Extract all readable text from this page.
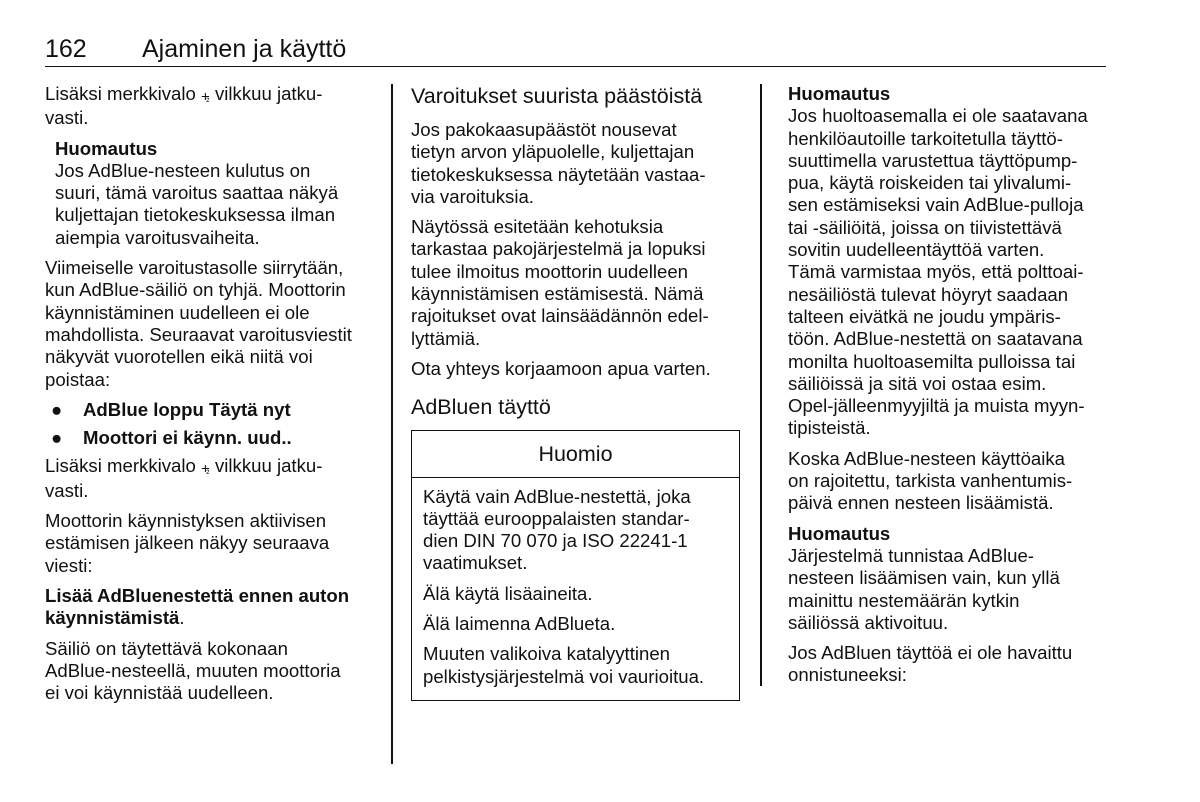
162 Ajaminen ja käyttö

Lisäksi merkkivalo ⨧ vilkkuu jatku-
vasti.

Huomautus
Jos AdBlue-nesteen kulutus on
suuri, tämä varoitus saattaa näkyä
kuljettajan tietokeskuksessa ilman
aiempia varoitusvaiheita.

Viimeiselle varoitustasolle siirrytään,
kun AdBlue-säiliö on tyhjä. Moottorin
käynnistäminen uudelleen ei ole
mahdollista. Seuraavat varoitusviestit
näkyvät vuorotellen eikä niitä voi
poistaa:

●	AdBlue loppu Täytä nyt
●	Moottori ei käynn. uud..

Lisäksi merkkivalo ⨧ vilkkuu jatku-
vasti.

Moottorin käynnistyksen aktiivisen
estämisen jälkeen näkyy seuraava
viesti:

Lisää AdBluenestettä ennen auton
käynnistämistä.

Säiliö on täytettävä kokonaan
AdBlue-nesteellä, muuten moottoria
ei voi käynnistää uudelleen.

Varoitukset suurista päästöistä

Jos pakokaasupäästöt nousevat
tietyn arvon yläpuolelle, kuljettajan
tietokeskuksessa näytetään vastaa-
via varoituksia.

Näytössä esitetään kehotuksia
tarkastaa pakojärjestelmä ja lopuksi
tulee ilmoitus moottorin uudelleen
käynnistämisen estämisestä. Nämä
rajoitukset ovat lainsäädännön edel-
lyttämiä.

Ota yhteys korjaamoon apua varten.

AdBluen täyttö
Huomio

Käytä vain AdBlue-nestettä, joka
täyttää eurooppalaisten standar-
dien DIN 70 070 ja ISO 22241-1
vaatimukset.

Älä käytä lisäaineita.

Älä laimenna AdBlueta.

Muuten valikoiva katalyyttinen
pelkistysjärjestelmä voi vaurioitua.

Huomautus
Jos huoltoasemalla ei ole saatavana
henkilöautoille tarkoitetulla täyttö-
suuttimella varustettua täyttöpump-
pua, käytä roiskeiden tai ylivalumi-
sen estämiseksi vain AdBlue-pulloja
tai -säiliöitä, joissa on tiivistettävä
sovitin uudelleentäyttöä varten.
Tämä varmistaa myös, että polttoai-
nesäiliöstä tulevat höyryt saadaan
talteen eivätkä ne joudu ympäris-
töön. AdBlue-nestettä on saatavana
monilta huoltoasemilta pulloissa tai
säiliöissä ja sitä voi ostaa esim.
Opel-jälleenmyyjiltä ja muista myyn-
tipisteistä.

Koska AdBlue-nesteen käyttöaika
on rajoitettu, tarkista vanhentumis-
päivä ennen nesteen lisäämistä.

Huomautus
Järjestelmä tunnistaa AdBlue-
nesteen lisäämisen vain, kun yllä
mainittu nestemäärän kytkin
säiliössä aktivoituu.

Jos AdBluen täyttöä ei ole havaittu
onnistuneeksi:
